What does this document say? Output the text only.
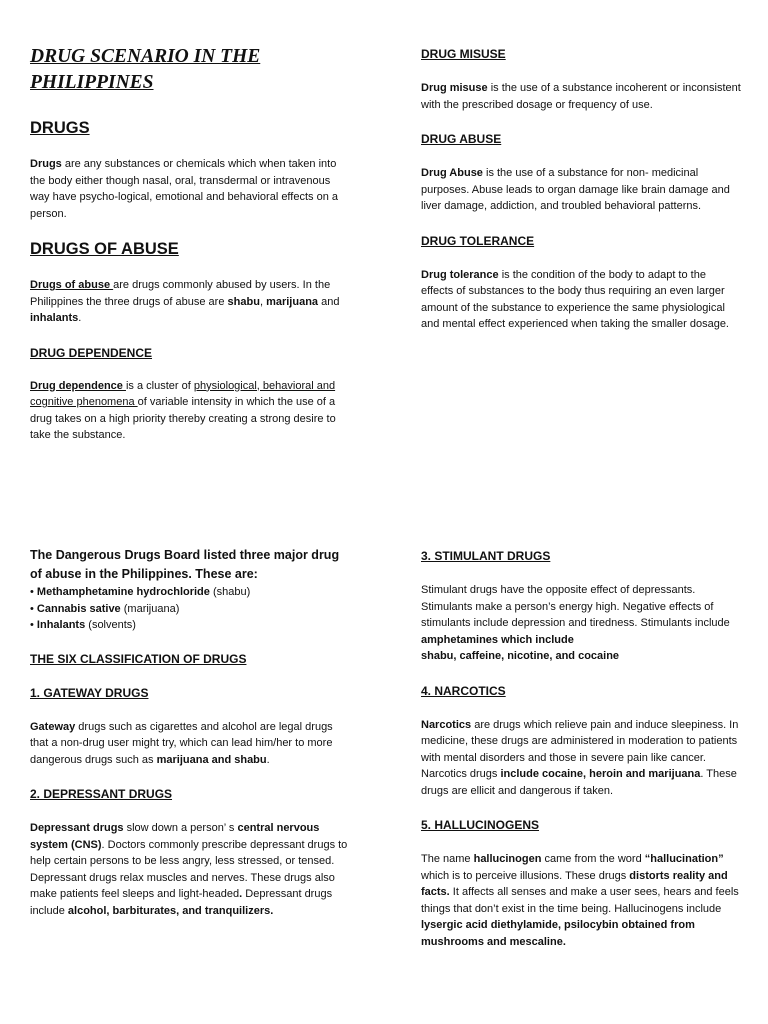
DRUG SCENARIO IN THE
PHILIPPINES

DRUGS

Drugs are any substances or chemicals which when taken into the body either though nasal, oral, transdermal or intravenous way have psycho-logical, emotional and behavioral effects on a person.

DRUGS OF ABUSE

Drugs of abuse are drugs commonly abused by users. In the Philippines the three drugs of abuse are shabu, marijuana and inhalants.

DRUG DEPENDENCE

Drug dependence is a cluster of physiological, behavioral and cognitive phenomena of variable intensity in which the use of a drug takes on a high priority thereby creating a strong desire to take the substance.

DRUG MISUSE

Drug misuse is the use of a substance incoherent or inconsistent with the prescribed dosage or frequency of use.

DRUG ABUSE

Drug Abuse is the use of a substance for non- medicinal purposes. Abuse leads to organ damage like brain damage and liver damage, addiction, and troubled behavioral patterns.

DRUG TOLERANCE

Drug tolerance is the condition of the body to adapt to the effects of substances to the body thus requiring an even larger amount of the substance to experience the same physiological and mental effect experienced when taking the smaller dosage.

The Dangerous Drugs Board listed three major drug of abuse in the Philippines. These are:

• Methamphetamine hydrochloride (shabu)

• Cannabis sative (marijuana)

• Inhalants (solvents)

THE SIX CLASSIFICATION OF DRUGS

1. GATEWAY DRUGS

Gateway drugs such as cigarettes and alcohol are legal drugs that a non-drug user might try, which can lead him/her to more dangerous drugs such as marijuana and shabu.

2. DEPRESSANT DRUGS

Depressant drugs slow down a person’ s central nervous system (CNS). Doctors commonly prescribe depressant drugs to help certain persons to be less angry, less stressed, or tensed. Depressant drugs relax muscles and nerves. These drugs also make patients feel sleeps and light-headed. Depressant drugs include alcohol, barbiturates, and tranquilizers.

3. STIMULANT DRUGS

Stimulant drugs have the opposite effect of depressants. Stimulants make a person’s energy high. Negative effects of stimulants include depression and tiredness. Stimulants include amphetamines which include
shabu, caffeine, nicotine, and cocaine

4. NARCOTICS

Narcotics are drugs which relieve pain and induce sleepiness. In medicine, these drugs are administered in moderation to patients with mental disorders and those in severe pain like cancer. Narcotics drugs include cocaine, heroin and marijuana. These drugs are ellicit and dangerous if taken.

5. HALLUCINOGENS

The name hallucinogen came from the word “hallucination” which is to perceive illusions. These drugs distorts reality and facts. It affects all senses and make a user sees, hears and feels things that don’t exist in the time being. Hallucinogens include lysergic acid diethylamide, psilocybin obtained from mushrooms and mescaline.
